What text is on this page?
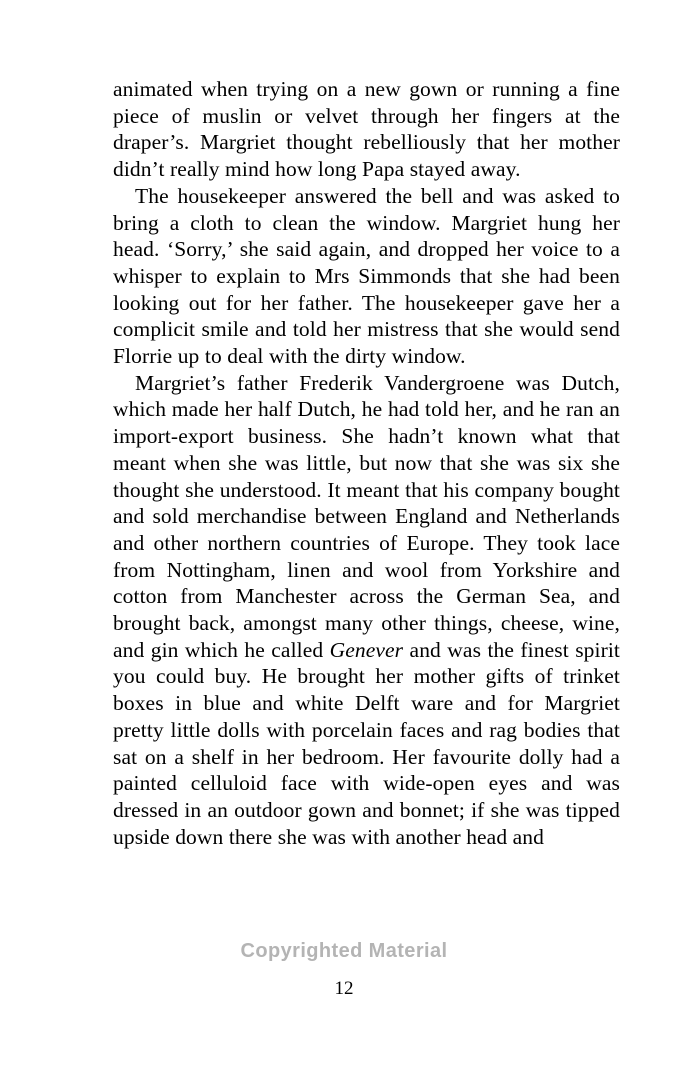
animated when trying on a new gown or running a fine piece of muslin or velvet through her fingers at the draper’s. Margriet thought rebelliously that her mother didn’t really mind how long Papa stayed away.

The housekeeper answered the bell and was asked to bring a cloth to clean the window. Margriet hung her head. ‘Sorry,’ she said again, and dropped her voice to a whisper to explain to Mrs Simmonds that she had been looking out for her father. The housekeeper gave her a complicit smile and told her mistress that she would send Florrie up to deal with the dirty window.

Margriet’s father Frederik Vandergroene was Dutch, which made her half Dutch, he had told her, and he ran an import-export business. She hadn’t known what that meant when she was little, but now that she was six she thought she understood. It meant that his company bought and sold merchandise between England and Netherlands and other northern countries of Europe. They took lace from Nottingham, linen and wool from Yorkshire and cotton from Manchester across the German Sea, and brought back, amongst many other things, cheese, wine, and gin which he called Genever and was the finest spirit you could buy. He brought her mother gifts of trinket boxes in blue and white Delft ware and for Margriet pretty little dolls with porcelain faces and rag bodies that sat on a shelf in her bedroom. Her favourite dolly had a painted celluloid face with wide-open eyes and was dressed in an outdoor gown and bonnet; if she was tipped upside down there she was with another head and

Copyrighted Material
12
